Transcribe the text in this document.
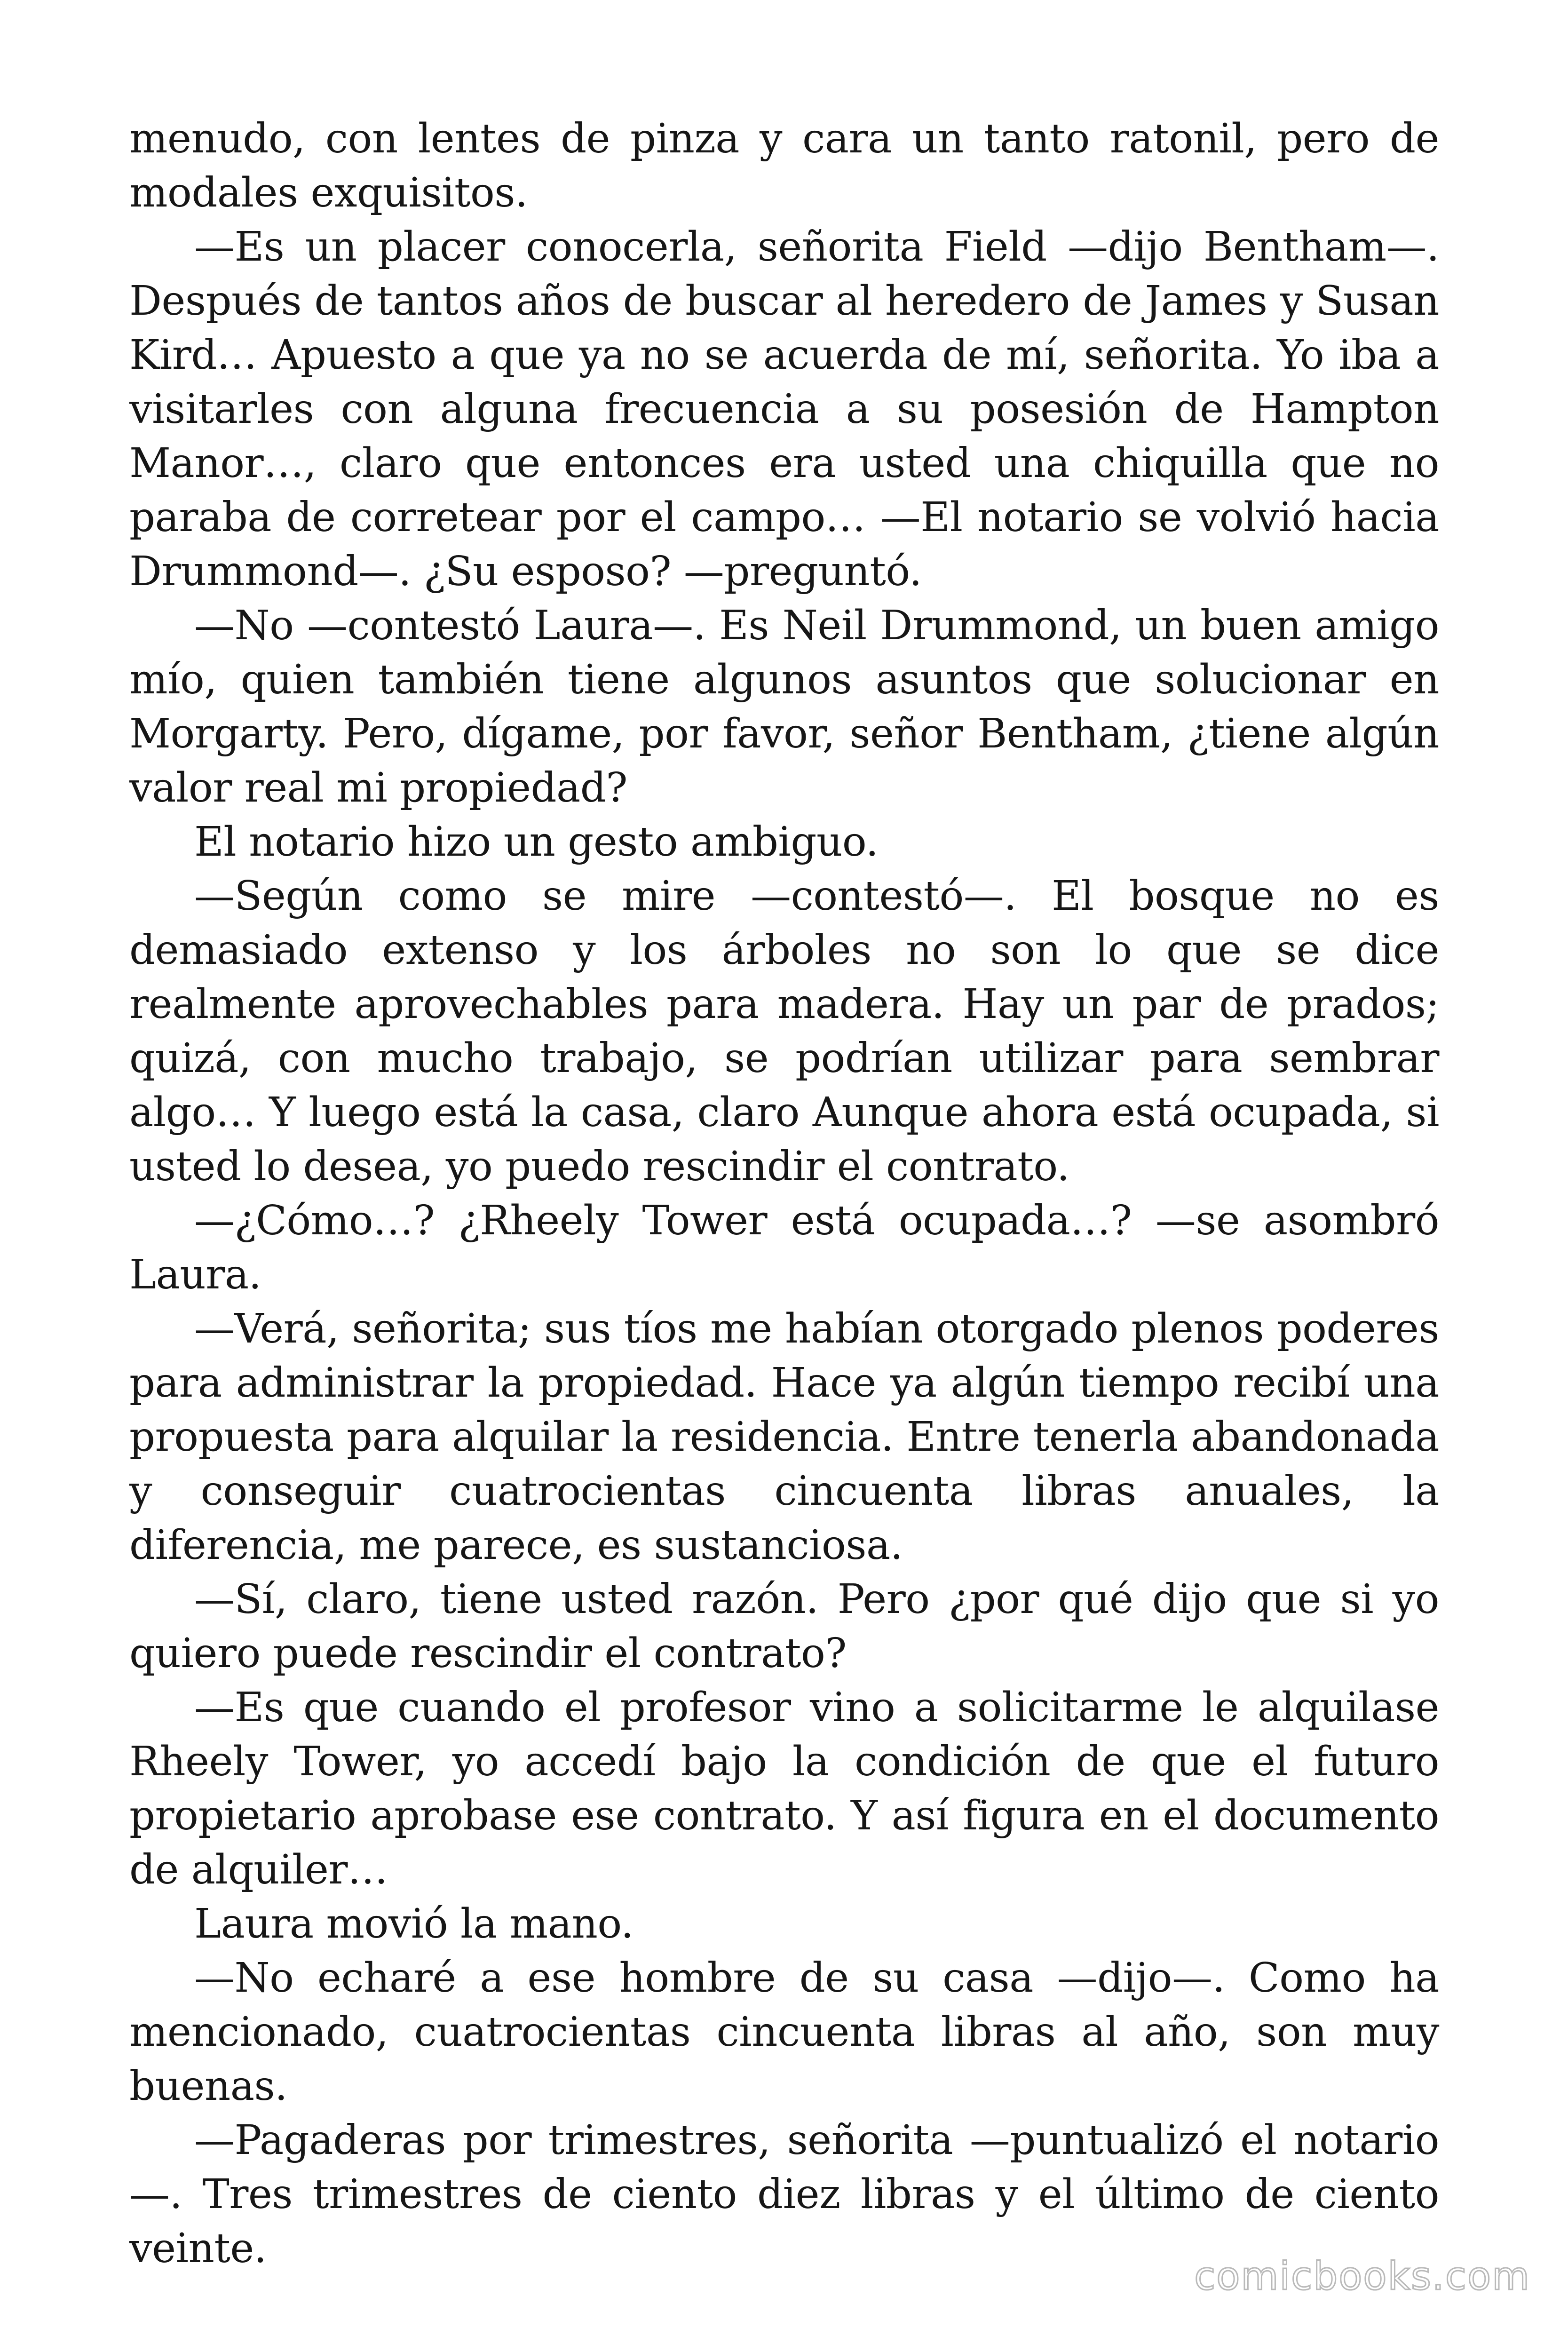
menudo, con lentes de pinza y cara un tanto ratonil, pero de modales exquisitos.

—Es un placer conocerla, señorita Field —dijo Bentham—. Después de tantos años de buscar al heredero de James y Susan Kird… Apuesto a que ya no se acuerda de mí, señorita. Yo iba a visitarles con alguna frecuencia a su posesión de Hampton Manor…, claro que entonces era usted una chiquilla que no paraba de corretear por el campo… —El notario se volvió hacia Drummond—. ¿Su esposo? —preguntó.

—No —contestó Laura—. Es Neil Drummond, un buen amigo mío, quien también tiene algunos asuntos que solucionar en Morgarty. Pero, dígame, por favor, señor Bentham, ¿tiene algún valor real mi propiedad?

El notario hizo un gesto ambiguo.

—Según como se mire —contestó—. El bosque no es demasiado extenso y los árboles no son lo que se dice realmente aprovechables para madera. Hay un par de prados; quizá, con mucho trabajo, se podrían utilizar para sembrar algo… Y luego está la casa, claro Aunque ahora está ocupada, si usted lo desea, yo puedo rescindir el contrato.

—¿Cómo…? ¿Rheely Tower está ocupada…? —se asombró Laura.

—Verá, señorita; sus tíos me habían otorgado plenos poderes para administrar la propiedad. Hace ya algún tiempo recibí una propuesta para alquilar la residencia. Entre tenerla abandonada y conseguir cuatrocientas cincuenta libras anuales, la diferencia, me parece, es sustanciosa.

—Sí, claro, tiene usted razón. Pero ¿por qué dijo que si yo quiero puede rescindir el contrato?

—Es que cuando el profesor vino a solicitarme le alquilase Rheely Tower, yo accedí bajo la condición de que el futuro propietario aprobase ese contrato. Y así figura en el documento de alquiler…

Laura movió la mano.

—No echaré a ese hombre de su casa —dijo—. Como ha mencionado, cuatrocientas cincuenta libras al año, son muy buenas.

—Pagaderas por trimestres, señorita —puntualizó el notario—. Tres trimestres de ciento diez libras y el último de ciento veinte.

comicbooks.com
